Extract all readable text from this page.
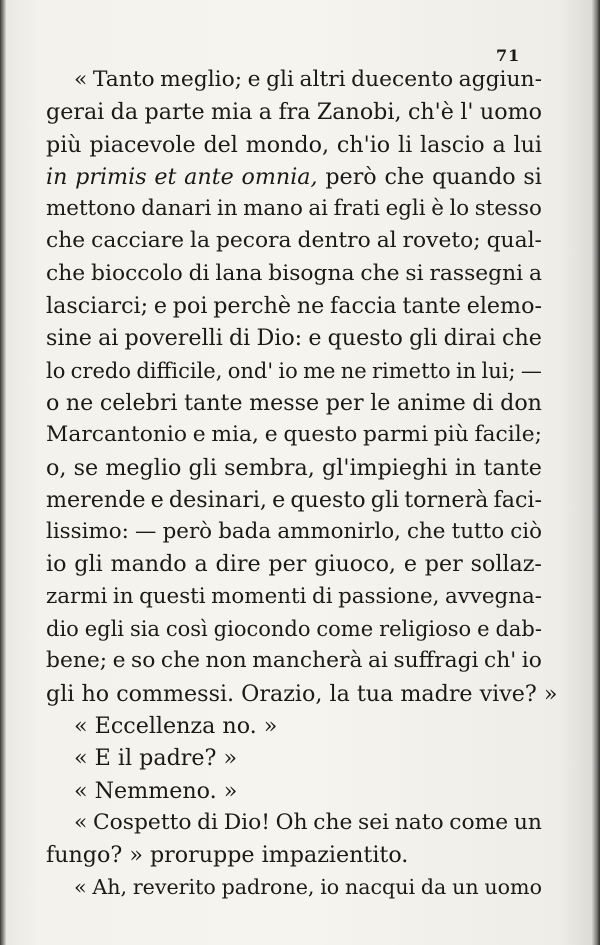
71
« Tanto meglio; e gli altri duecento aggiun-
gerai da parte mia a fra Zanobi, ch'è l' uomo
più piacevole del mondo, ch'io li lascio a lui
in primis et ante omnia, però che quando si
mettono danari in mano ai frati egli è lo stesso
che cacciare la pecora dentro al roveto; qual-
che bioccolo di lana bisogna che si rassegni a
lasciarci; e poi perchè ne faccia tante elemo-
sine ai poverelli di Dio: e questo gli dirai che
lo credo difficile, ond' io me ne rimetto in lui; —
o ne celebri tante messe per le anime di don
Marcantonio e mia, e questo parmi più facile;
o, se meglio gli sembra, gl'impieghi in tante
merende e desinari, e questo gli tornerà faci-
lissimo: — però bada ammonirlo, che tutto ciò
io gli mando a dire per giuoco, e per sollaz-
zarmi in questi momenti di passione, avvegna-
dio egli sia così giocondo come religioso e dab-
bene; e so che non mancherà ai suffragi ch' io
gli
ho
commessi.
Orazio,
la
tua
madre
vive?
»
«
Eccellenza
no.
»
«
E
il
padre?
»
«
Nemmeno.
»
« Cospetto di Dio! Oh che sei nato come un
fungo?
»
proruppe
impazientito.
« Ah, reverito padrone, io nacqui da un uomo
